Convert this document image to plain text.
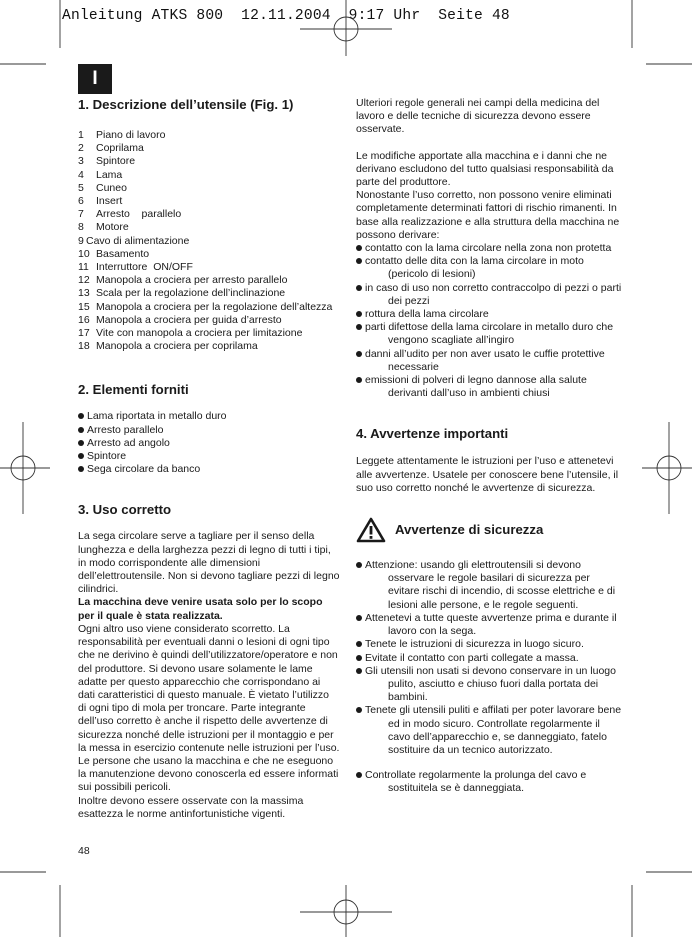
Anleitung ATKS 800  12.11.2004  9:17 Uhr  Seite 48
I
1. Descrizione dell’utensile (Fig. 1)
1	Piano di lavoro
2	Coprilama
3	Spintore
4	Lama
5	Cuneo
6	Insert
7	Arresto    parallelo
8	Motore
9 Cavo di alimentazione
10 Basamento
11 Interruttore  ON/OFF
12 Manopola a crociera per arresto parallelo
13 Scala per la regolazione dell’inclinazione
15 Manopola a crociera per la regolazione dell’altezza
16 Manopola a crociera per guida d’arresto
17 Vite con manopola a crociera per limitazione
18 Manopola a crociera per coprilama
2. Elementi forniti
Lama riportata in metallo duro
Arresto parallelo
Arresto ad angolo
Spintore
Sega circolare da banco
3. Uso corretto

La sega circolare serve a tagliare per il senso della lunghezza e della larghezza pezzi di legno di tutti i tipi, in modo corrispondente alle dimensioni dell’elettroutensile. Non si devono tagliare pezzi di legno cilindrici.

La macchina deve venire usata solo per lo scopo per il quale è stata realizzata.

Ogni altro uso viene considerato scorretto. La responsabilità per eventuali danni o lesioni di ogni tipo che ne derivino è quindi dell’utilizzatore/operatore e non del produttore. Si devono usare solamente le lame adatte per questo apparecchio che corrispondano ai dati caratteristici di questo manuale. È vietato l’utilizzo di ogni tipo di mola per troncare. Parte integrante dell’uso corretto è anche il rispetto delle avvertenze di sicurezza nonché delle istruzioni per il montaggio e per la messa in esercizio contenute nelle istruzioni per l’uso. Le persone che usano la macchina e che ne eseguono la manutenzione devono conoscerla ed essere informati sui possibili pericoli.

Inoltre devono essere osservate con la massima esattezza le norme antinfortunistiche vigenti.

Ulteriori regole generali nei campi della medicina del lavoro e delle tecniche di sicurezza devono essere osservate.

Le modifiche apportate alla macchina e i danni che ne derivano escludono del tutto qualsiasi responsabilità da parte del produttore.

Nonostante l’uso corretto, non possono venire eliminati completamente determinati fattori di rischio rimanenti. In base alla realizzazione e alla struttura della macchina ne possono derivare:

contatto con la lama circolare nella zona non protetta
contatto delle dita con la lama circolare in moto (pericolo di lesioni)
in caso di uso non corretto contraccolpo di pezzi o parti dei pezzi
rottura della lama circolare
parti difettose della lama circolare in metallo duro che vengono scagliate all’ingiro
danni all’udito per non aver usato le cuffie protettive necessarie
emissioni di polveri di legno dannose alla salute derivanti dall’uso in ambienti chiusi
4. Avvertenze importanti

Leggete attentamente le istruzioni per l’uso e attenetevi alle avvertenze. Usatele per conoscere bene l’utensile, il suo uso corretto nonché le avvertenze di sicurezza.

Avvertenze di sicurezza
Attenzione: usando gli elettroutensili si devono osservare le regole basilari di sicurezza per evitare rischi di incendio, di scosse elettriche e di lesioni alle persone, e le regole seguenti.
Attenetevi a tutte queste avvertenze prima e durante il lavoro con la sega.
Tenete le istruzioni di sicurezza in luogo sicuro.
Evitate il contatto con parti collegate a massa.
Gli utensili non usati si devono conservare in un luogo pulito, asciutto e chiuso fuori dalla portata dei bambini.
Tenete gli utensili puliti e affilati per poter lavorare bene ed in modo sicuro. Controllate regolarmente il cavo dell’apparecchio e, se danneggiato, fatelo sostituire da un tecnico autorizzato.
Controllate regolarmente la prolunga del cavo e sostituitela se è danneggiata.
48
